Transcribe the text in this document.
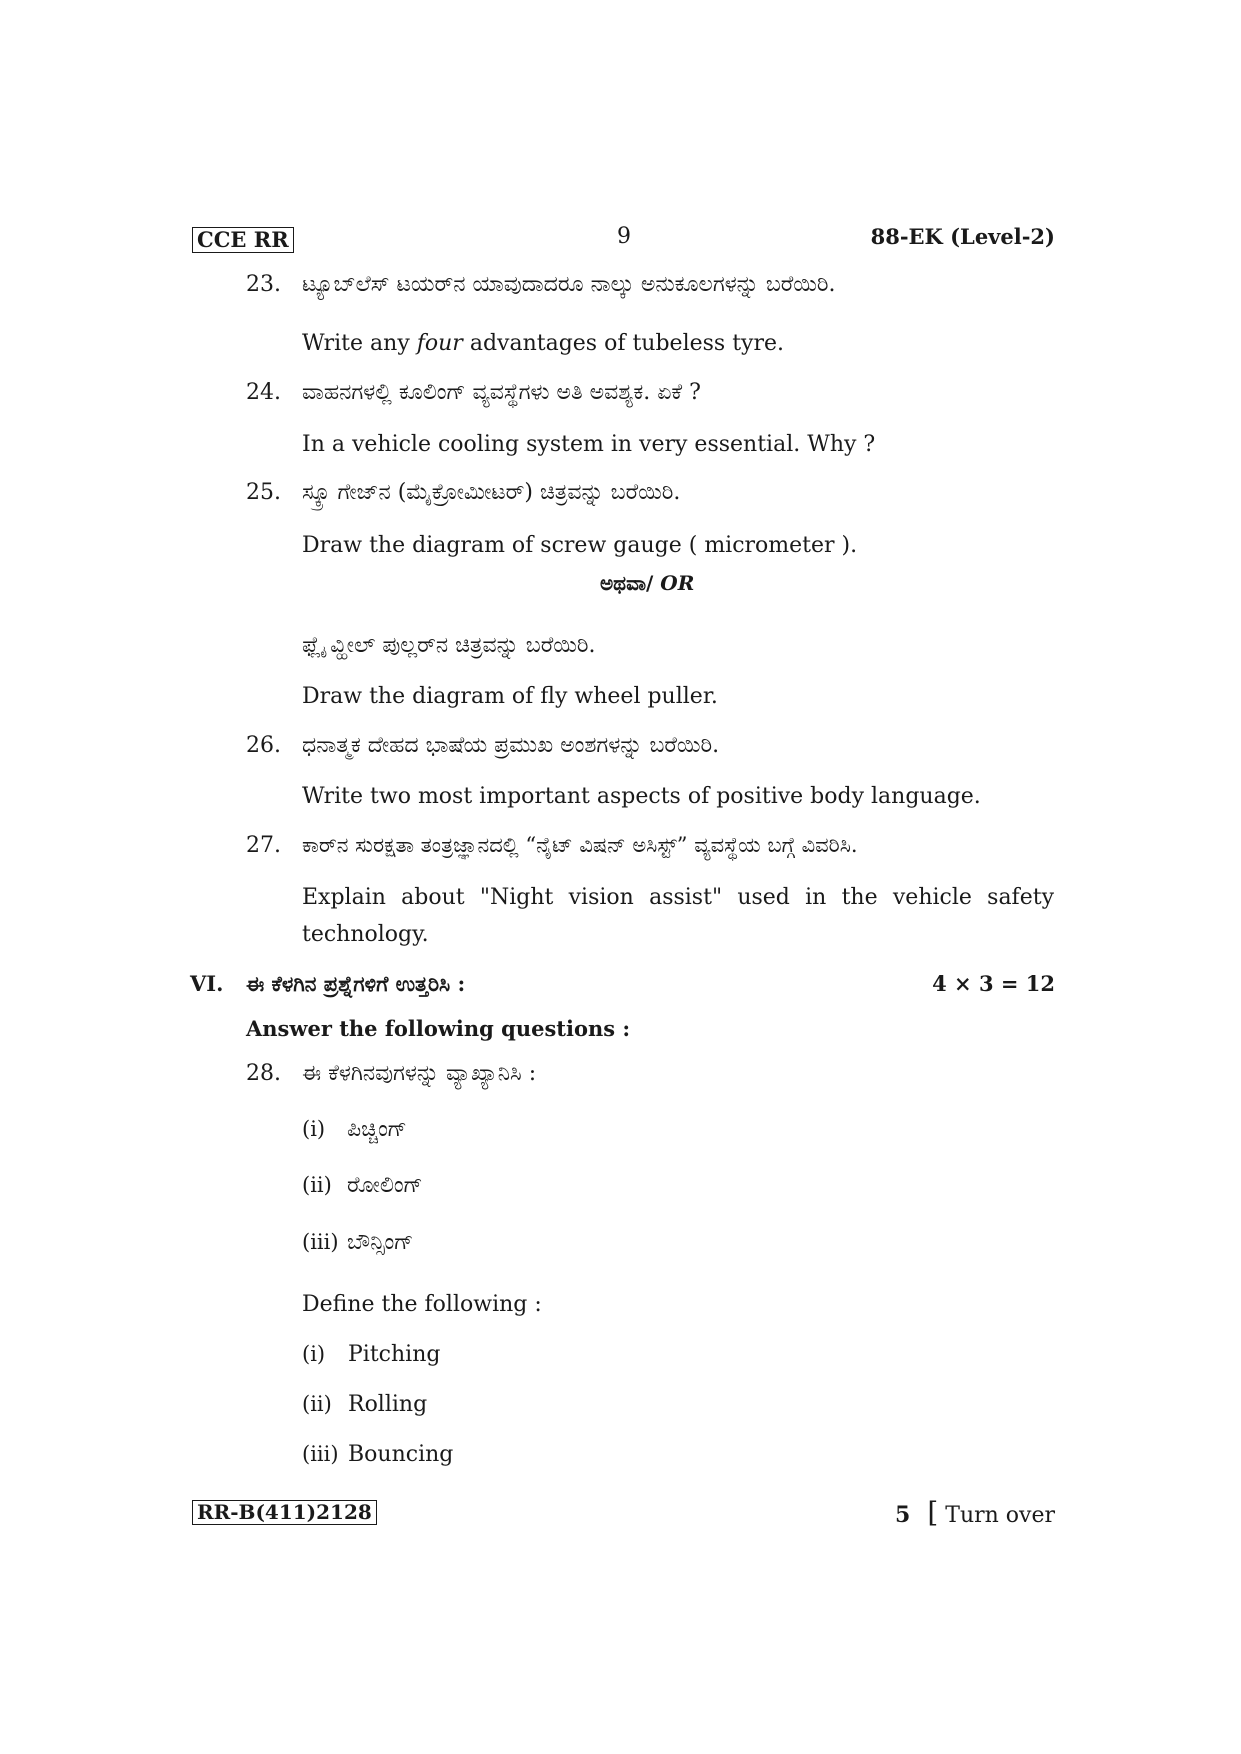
CCE RR	9	88-EK (Level-2)
23. ಟ್ಯೂಬ್‌ಲೆಸ್ ಟಯರ್‌ನ ಯಾವುದಾದರೂ ನಾಲ್ಕು ಅನುಕೂಲಗಳನ್ನು ಬರೆಯಿರಿ.
Write any four advantages of tubeless tyre.
24. ವಾಹನಗಳಲ್ಲಿ ಕೂಲಿಂಗ್ ವ್ಯವಸ್ಥೆಗಳು ಅತಿ ಅವಶ್ಯಕ. ಏಕೆ ?
In a vehicle cooling system in very essential. Why ?
25. ಸ್ಕ್ರೂ ಗೇಜ್‌ನ (ಮೈಕ್ರೋಮೀಟರ್) ಚಿತ್ರವನ್ನು ಬರೆಯಿರಿ.
Draw the diagram of screw gauge ( micrometer ).
ಅಥವಾ/ OR
ಫ್ಲೈ ವ್ಹೀಲ್ ಪುಲ್ಲರ್‌ನ ಚಿತ್ರವನ್ನು ಬರೆಯಿರಿ.
Draw the diagram of fly wheel puller.
26. ಧನಾತ್ಮಕ ದೇಹದ ಭಾಷೆಯ ಪ್ರಮುಖ ಅಂಶಗಳನ್ನು ಬರೆಯಿರಿ.
Write two most important aspects of positive body language.
27. ಕಾರ್‌ನ ಸುರಕ್ಷತಾ ತಂತ್ರಜ್ಞಾನದಲ್ಲಿ “ನೈಟ್ ವಿಷನ್ ಅಸಿಸ್ಟ್” ವ್ಯವಸ್ಥೆಯ ಬಗ್ಗೆ ವಿವರಿಸಿ.
Explain about "Night vision assist" used in the vehicle safety
technology.
VI. ಈ ಕೆಳಗಿನ ಪ್ರಶ್ನೆಗಳಿಗೆ ಉತ್ತರಿಸಿ :	4 × 3 = 12
Answer the following questions :
28. ಈ ಕೆಳಗಿನವುಗಳನ್ನು ವ್ಯಾಖ್ಯಾನಿಸಿ :
(i) ಪಿಚ್ಚಿಂಗ್
(ii) ರೋಲಿಂಗ್
(iii) ಬೌನ್ಸಿಂಗ್
Define the following :
(i) Pitching
(ii) Rolling
(iii) Bouncing
RR-B(411)2128	5 [ Turn over
